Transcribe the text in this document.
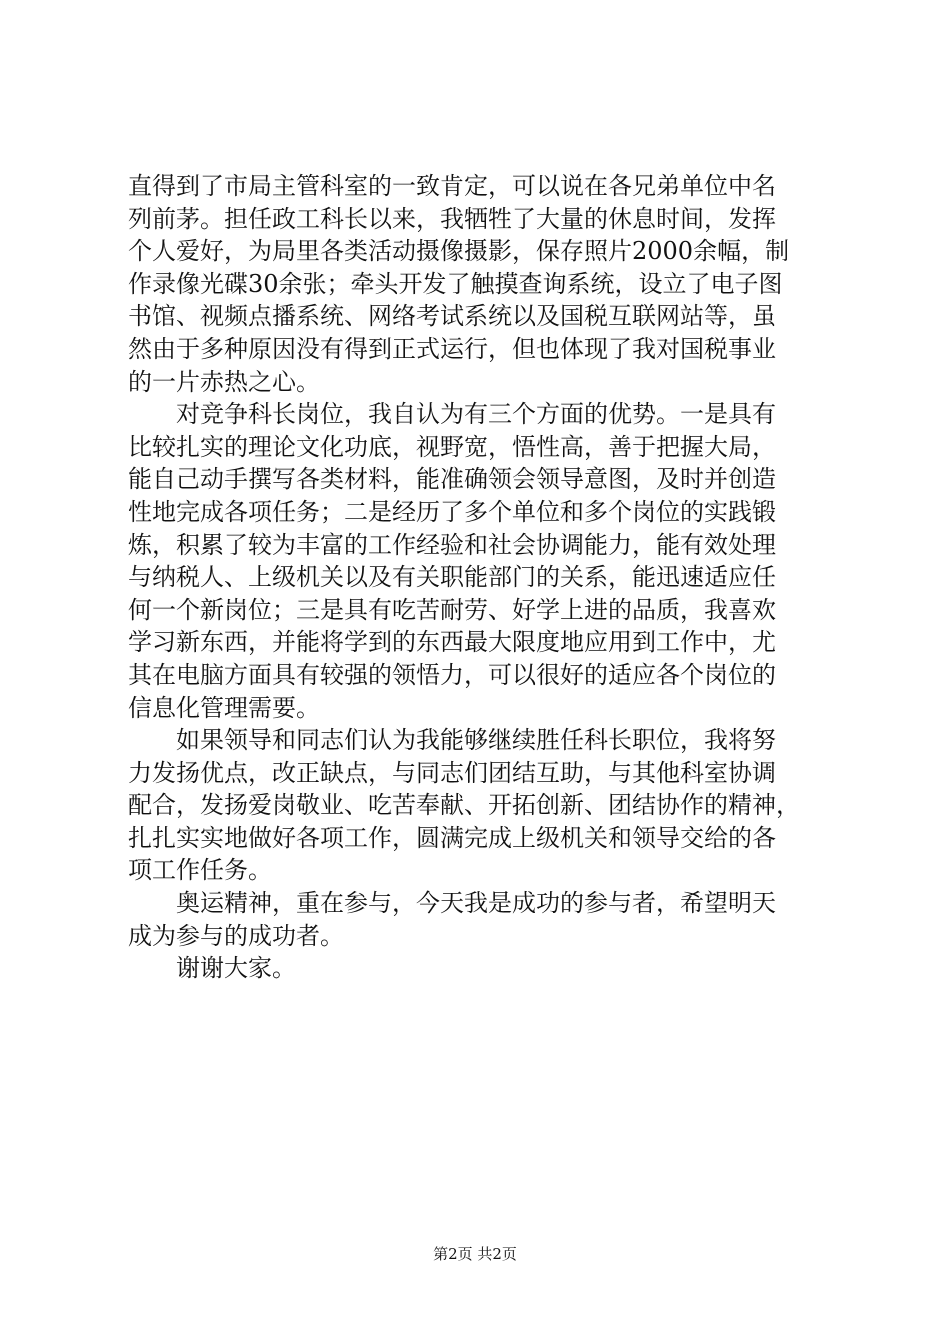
直得到了市局主管科室的一致肯定，可以说在各兄弟单位中名
列前茅。担任政工科长以来，我牺牲了大量的休息时间，发挥
个人爱好，为局里各类活动摄像摄影，保存照片2000余幅，制
作录像光碟30余张；牵头开发了触摸查询系统，设立了电子图
书馆、视频点播系统、网络考试系统以及国税互联网站等，虽
然由于多种原因没有得到正式运行，但也体现了我对国税事业
的一片赤热之心。

对竞争科长岗位，我自认为有三个方面的优势。一是具有
比较扎实的理论文化功底，视野宽，悟性高，善于把握大局，
能自己动手撰写各类材料，能准确领会领导意图，及时并创造
性地完成各项任务；二是经历了多个单位和多个岗位的实践锻
炼，积累了较为丰富的工作经验和社会协调能力，能有效处理
与纳税人、上级机关以及有关职能部门的关系，能迅速适应任
何一个新岗位；三是具有吃苦耐劳、好学上进的品质，我喜欢
学习新东西，并能将学到的东西最大限度地应用到工作中，尤
其在电脑方面具有较强的领悟力，可以很好的适应各个岗位的
信息化管理需要。

如果领导和同志们认为我能够继续胜任科长职位，我将努
力发扬优点，改正缺点，与同志们团结互助，与其他科室协调
配合，发扬爱岗敬业、吃苦奉献、开拓创新、团结协作的精神，
扎扎实实地做好各项工作，圆满完成上级机关和领导交给的各
项工作任务。

奥运精神，重在参与，今天我是成功的参与者，希望明天
成为参与的成功者。

谢谢大家。

第2页 共2页
